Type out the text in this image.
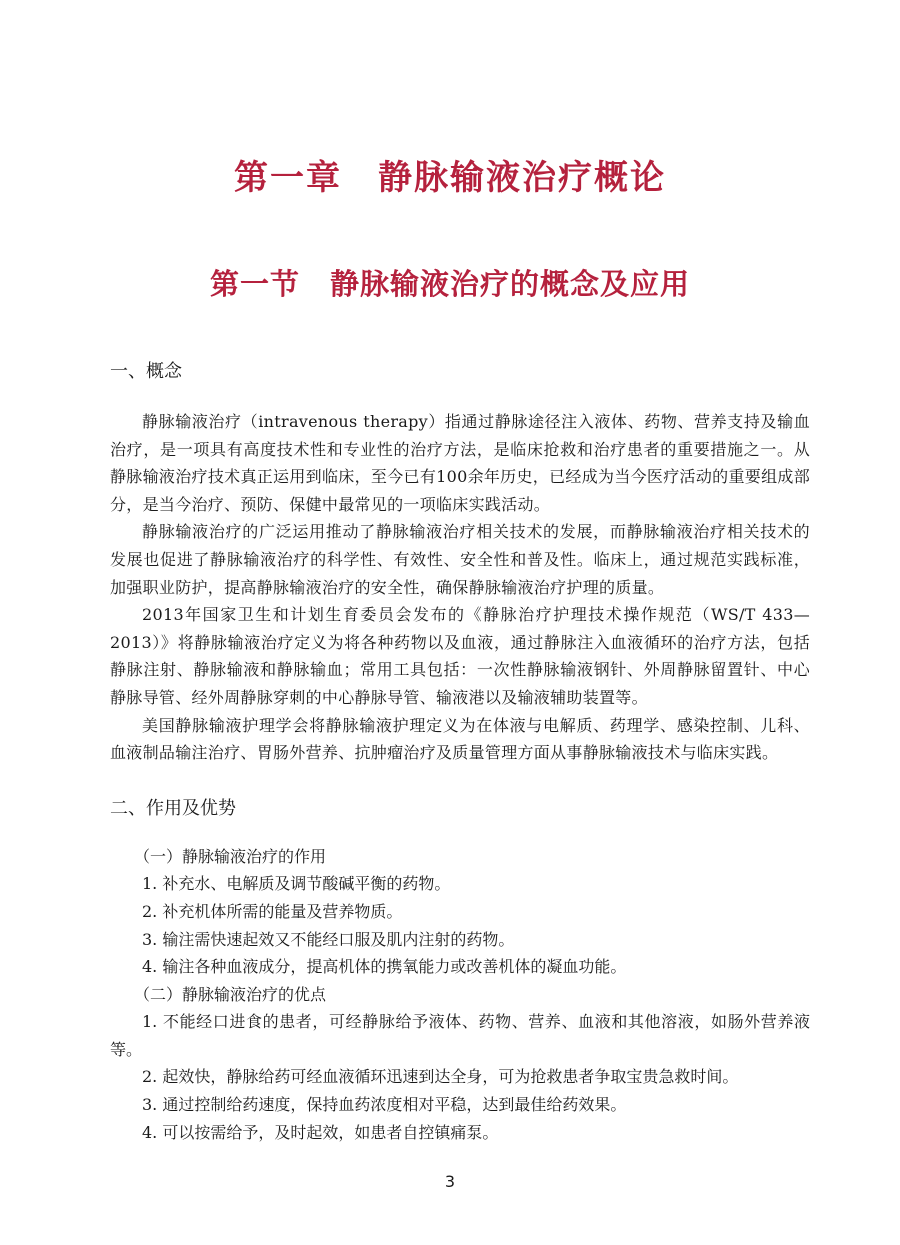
第一章　静脉输液治疗概论
第一节　静脉输液治疗的概念及应用
一、概念

静脉输液治疗（intravenous therapy）指通过静脉途径注入液体、药物、营养支持及输血治疗，是一项具有高度技术性和专业性的治疗方法，是临床抢救和治疗患者的重要措施之一。从静脉输液治疗技术真正运用到临床，至今已有100余年历史，已经成为当今医疗活动的重要组成部分，是当今治疗、预防、保健中最常见的一项临床实践活动。

静脉输液治疗的广泛运用推动了静脉输液治疗相关技术的发展，而静脉输液治疗相关技术的发展也促进了静脉输液治疗的科学性、有效性、安全性和普及性。临床上，通过规范实践标准，加强职业防护，提高静脉输液治疗的安全性，确保静脉输液治疗护理的质量。

2013年国家卫生和计划生育委员会发布的《静脉治疗护理技术操作规范（WS/T 433—2013）》将静脉输液治疗定义为将各种药物以及血液，通过静脉注入血液循环的治疗方法，包括静脉注射、静脉输液和静脉输血；常用工具包括：一次性静脉输液钢针、外周静脉留置针、中心静脉导管、经外周静脉穿刺的中心静脉导管、输液港以及输液辅助装置等。

美国静脉输液护理学会将静脉输液护理定义为在体液与电解质、药理学、感染控制、儿科、血液制品输注治疗、胃肠外营养、抗肿瘤治疗及质量管理方面从事静脉输液技术与临床实践。

二、作用及优势

（一）静脉输液治疗的作用

1. 补充水、电解质及调节酸碱平衡的药物。

2. 补充机体所需的能量及营养物质。

3. 输注需快速起效又不能经口服及肌内注射的药物。

4. 输注各种血液成分，提高机体的携氧能力或改善机体的凝血功能。

（二）静脉输液治疗的优点

1. 不能经口进食的患者，可经静脉给予液体、药物、营养、血液和其他溶液，如肠外营养液等。

2. 起效快，静脉给药可经血液循环迅速到达全身，可为抢救患者争取宝贵急救时间。

3. 通过控制给药速度，保持血药浓度相对平稳，达到最佳给药效果。

4. 可以按需给予，及时起效，如患者自控镇痛泵。

3
